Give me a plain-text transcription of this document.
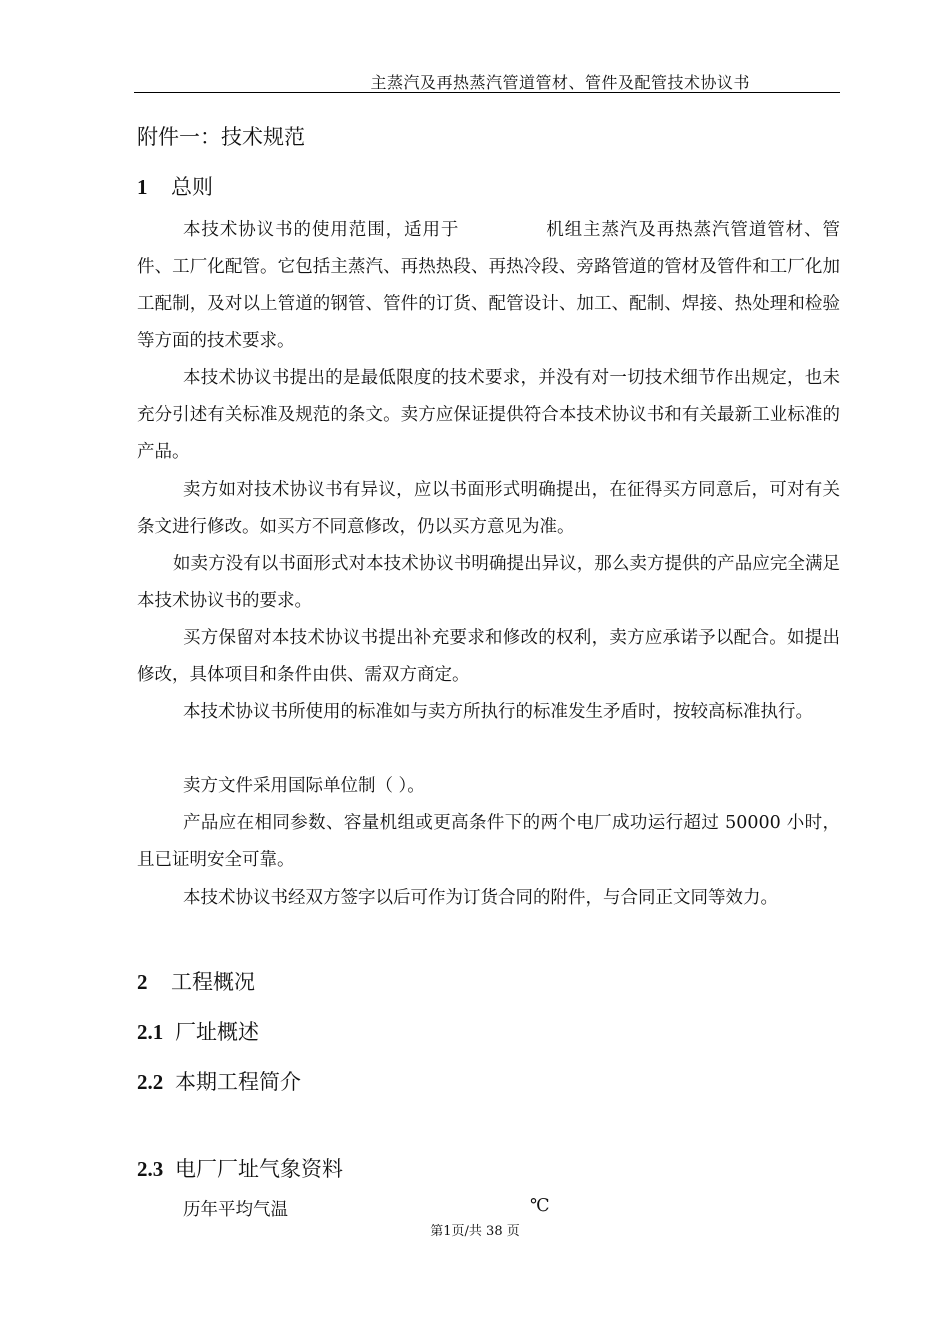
主蒸汽及再热蒸汽管道管材、管件及配管技术协议书
附件一：技术规范
1 总则
本技术协议书的使用范围，适用于	机组主蒸汽及再热蒸汽管道管材、管件、工厂化配管。它包括主蒸汽、再热热段、再热冷段、旁路管道的管材及管件和工厂化加工配制，及对以上管道的钢管、管件的订货、配管设计、加工、配制、焊接、热处理和检验等方面的技术要求。
本技术协议书提出的是最低限度的技术要求，并没有对一切技术细节作出规定，也未充分引述有关标准及规范的条文。卖方应保证提供符合本技术协议书和有关最新工业标准的产品。
卖方如对技术协议书有异议，应以书面形式明确提出，在征得买方同意后，可对有关条文进行修改。如买方不同意修改，仍以买方意见为准。
如卖方没有以书面形式对本技术协议书明确提出异议，那么卖方提供的产品应完全满足本技术协议书的要求。
买方保留对本技术协议书提出补充要求和修改的权利，卖方应承诺予以配合。如提出修改，具体项目和条件由供、需双方商定。
本技术协议书所使用的标准如与卖方所执行的标准发生矛盾时，按较高标准执行。
卖方文件采用国际单位制（ ）。
产品应在相同参数、容量机组或更高条件下的两个电厂成功运行超过 50000 小时，且已证明安全可靠。
本技术协议书经双方签字以后可作为订货合同的附件，与合同正文同等效力。
2 工程概况
2.1 厂址概述
2.2 本期工程简介
2.3 电厂厂址气象资料
历年平均气温	℃
第1页/共 38 页
